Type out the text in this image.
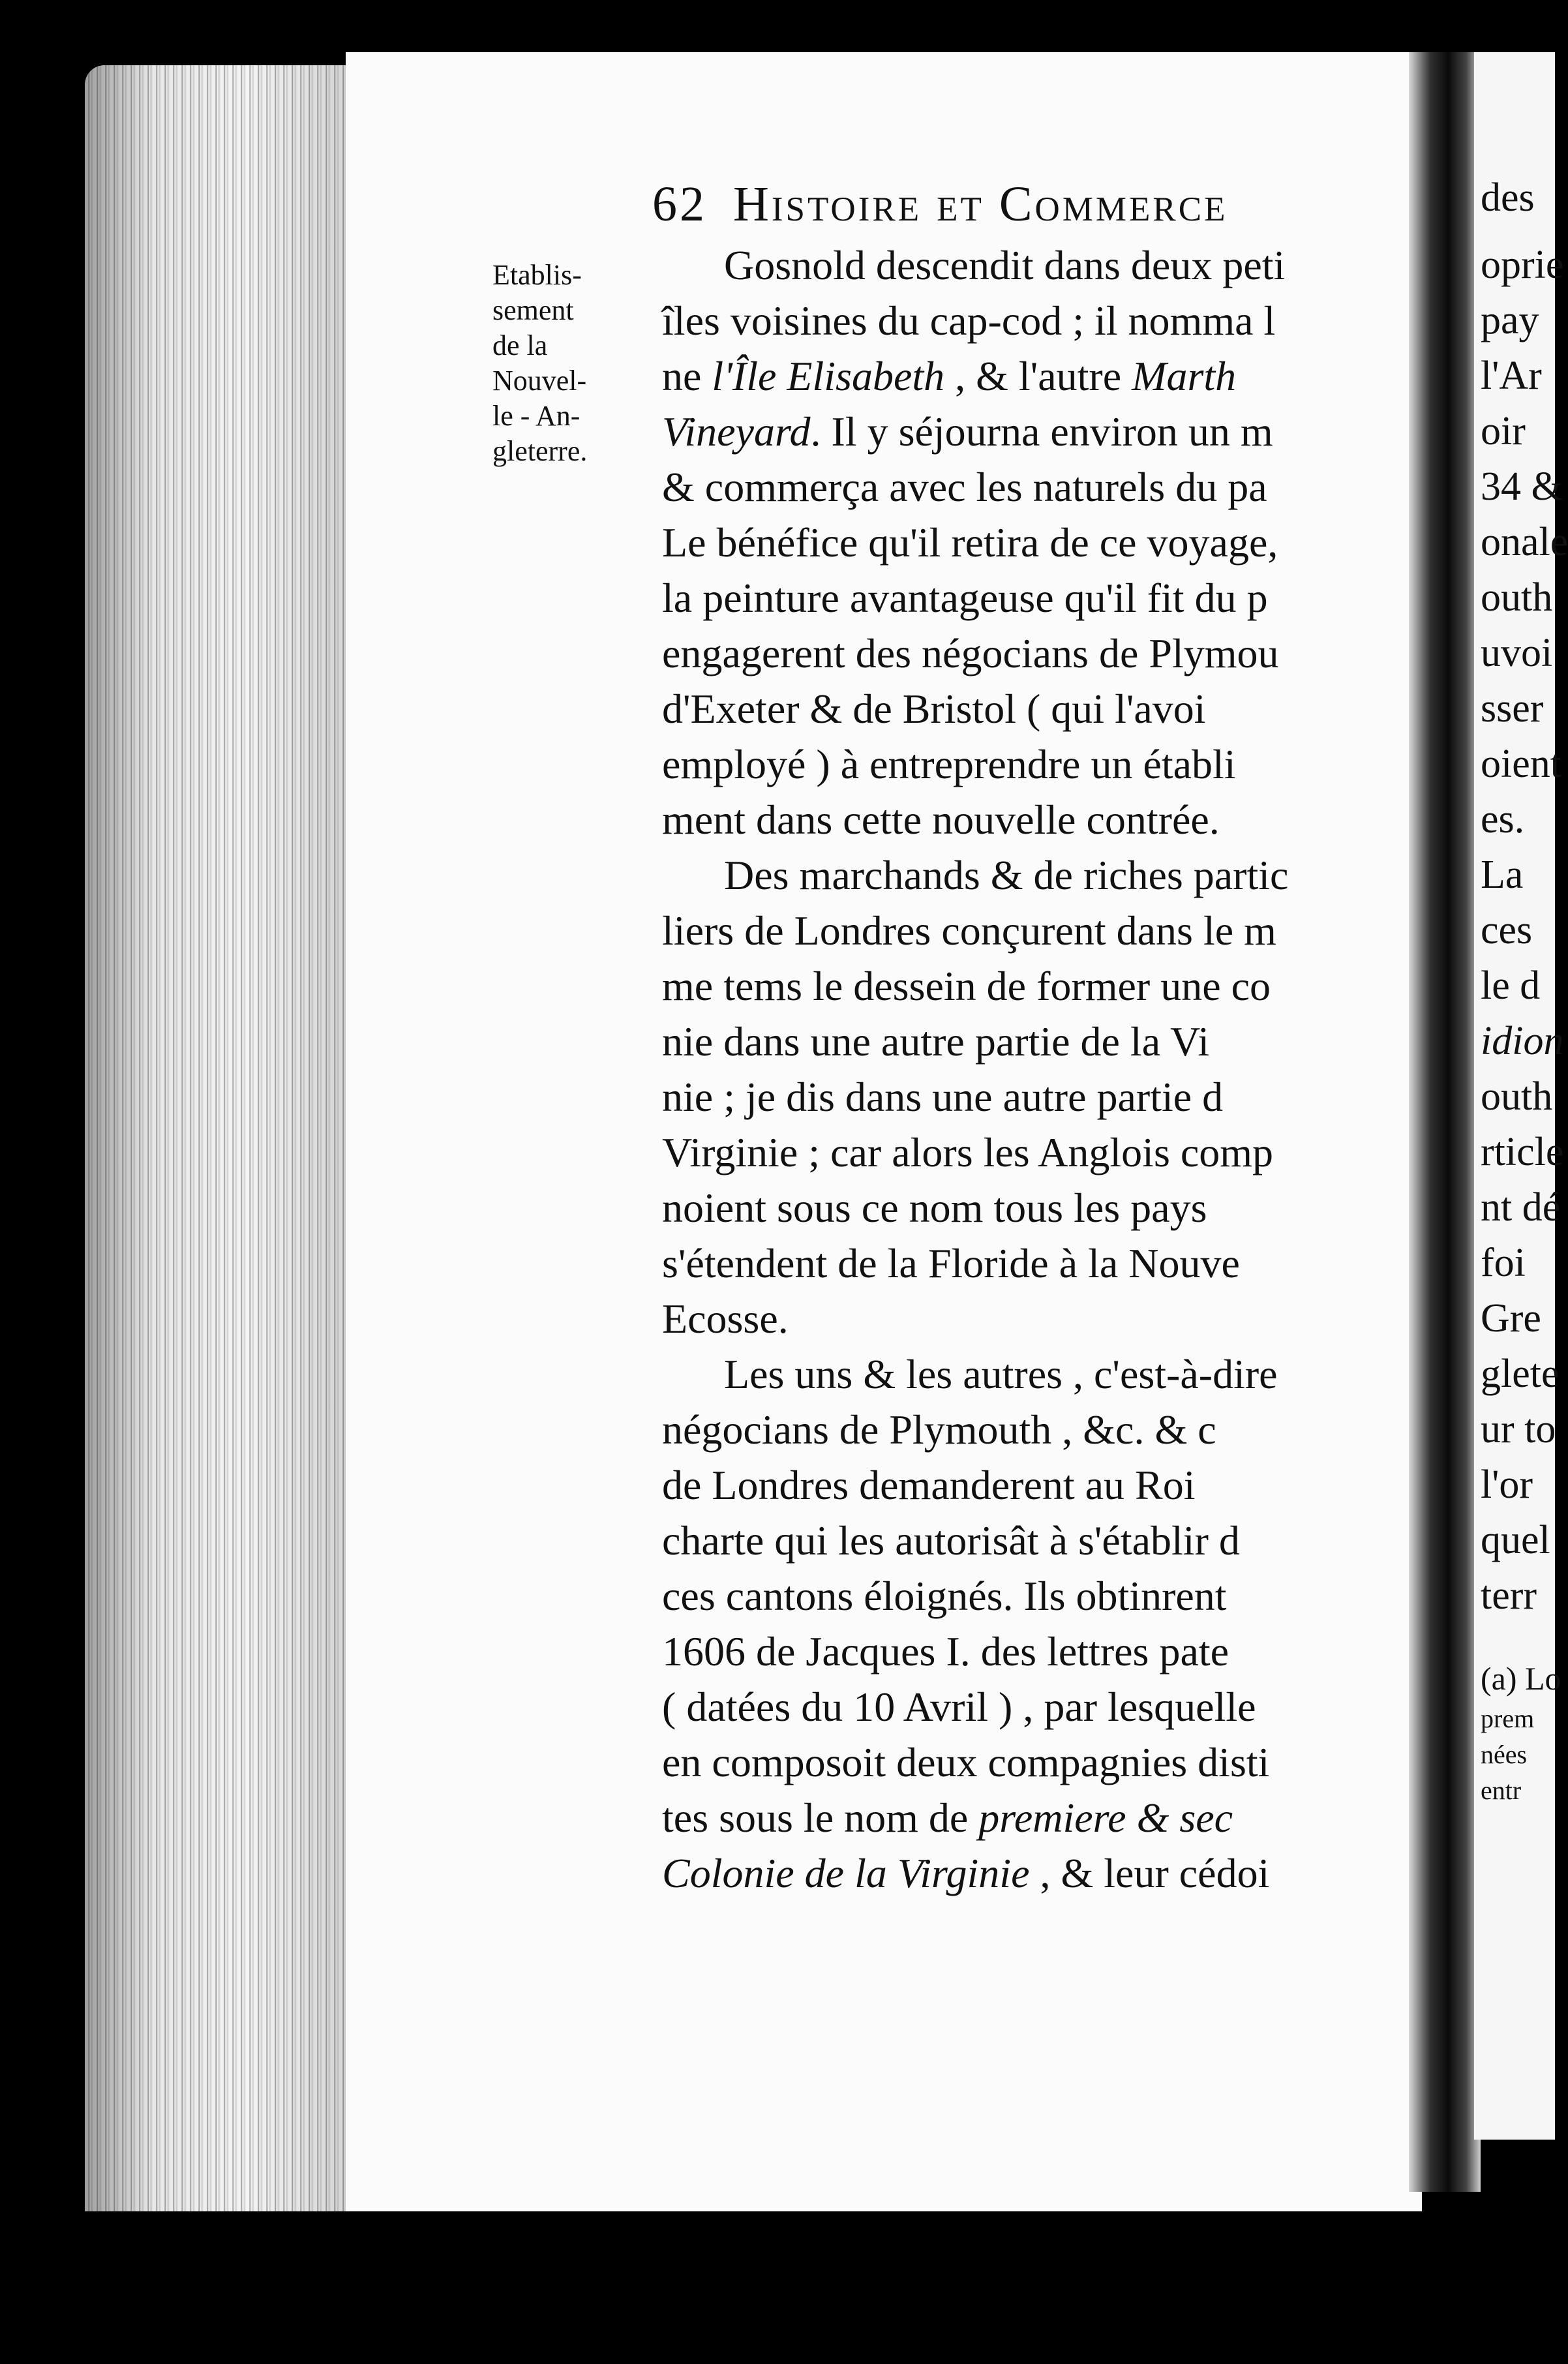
des
oprie
pay
l'Ar
oir
34 &
onale
outh
uvoi
sser
oient
es.
La
ces
le d
idion
outh
rticle
nt dé
foi
Gre
glete
ur to
l'or
quel
terr
(a) Lo
prem
nées
entr
62 Histoire et Commerce
Etablis-
sement
de la
Nouvel-
le - An-
gleterre.
Gosnold descendit dans deux peti
îles voisines du cap-cod ; il nomma l
ne l'Île Elisabeth , & l'autre Marth
Vineyard. Il y séjourna environ un m
& commerça avec les naturels du pa
Le bénéfice qu'il retira de ce voyage,
la peinture avantageuse qu'il fit du p
engagerent des négocians de Plymou
d'Exeter & de Bristol ( qui l'avoi
employé ) à entreprendre un établi
ment dans cette nouvelle contrée.
Des marchands & de riches partic
liers de Londres conçurent dans le m
me tems le dessein de former une co
nie dans une autre partie de la Vi
nie ; je dis dans une autre partie d
Virginie ; car alors les Anglois comp
noient sous ce nom tous les pays
s'étendent de la Floride à la Nouve
Ecosse.
Les uns & les autres , c'est-à-dire
négocians de Plymouth , &c. & c
de Londres demanderent au Roi
charte qui les autorisât à s'établir d
ces cantons éloignés. Ils obtinrent
1606 de Jacques I. des lettres pate
( datées du 10 Avril ) , par lesquelle
en composoit deux compagnies disti
tes sous le nom de premiere & sec
Colonie de la Virginie , & leur cédoi
